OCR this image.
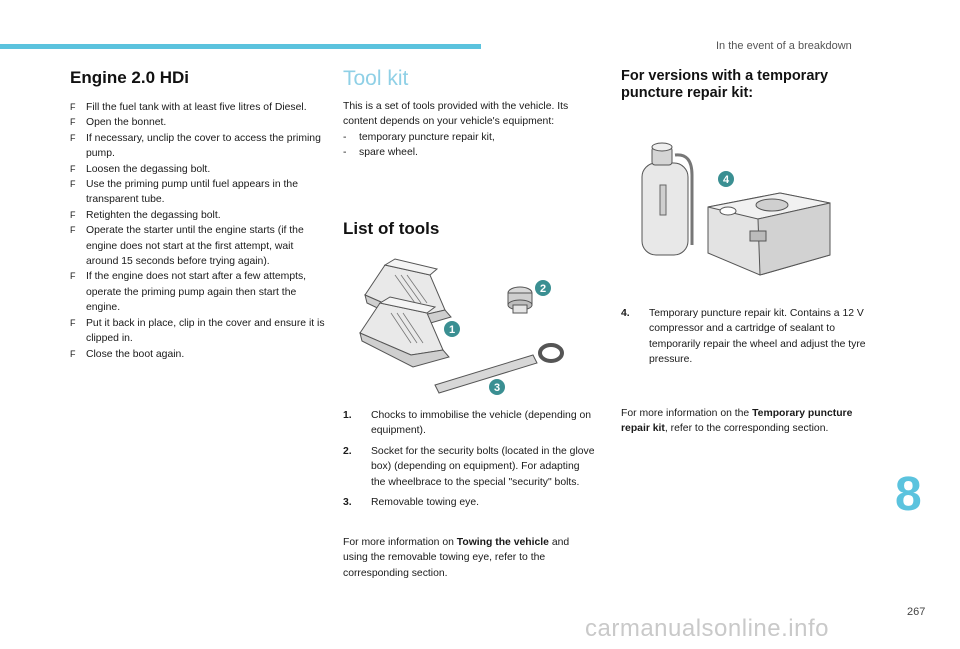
In the event of a breakdown
Engine 2.0 HDi
F Fill the fuel tank with at least five litres of Diesel.
F Open the bonnet.
F If necessary, unclip the cover to access the priming pump.
F Loosen the degassing bolt.
F Use the priming pump until fuel appears in the transparent tube.
F Retighten the degassing bolt.
F Operate the starter until the engine starts (if the engine does not start at the first attempt, wait around 15 seconds before trying again).
F If the engine does not start after a few attempts, operate the priming pump again then start the engine.
F Put it back in place, clip in the cover and ensure it is clipped in.
F Close the boot again.
Tool kit
This is a set of tools provided with the vehicle. Its content depends on your vehicle's equipment:
- temporary puncture repair kit,
- spare wheel.
List of tools
1
2
3
1.	Chocks to immobilise the vehicle (depending on equipment).
2.	Socket for the security bolts (located in the glove box) (depending on equipment). For adapting the wheelbrace to the special "security" bolts.
3.	Removable towing eye.
For more information on Towing the vehicle and using the removable towing eye, refer to the corresponding section.
For versions with a temporary
puncture repair kit:
4
4.	Temporary puncture repair kit. Contains a 12 V compressor and a cartridge of sealant to temporarily repair the wheel and adjust the tyre pressure.
For more information on the Temporary puncture repair kit, refer to the corresponding section.
8
267
carmanualsonline.info
